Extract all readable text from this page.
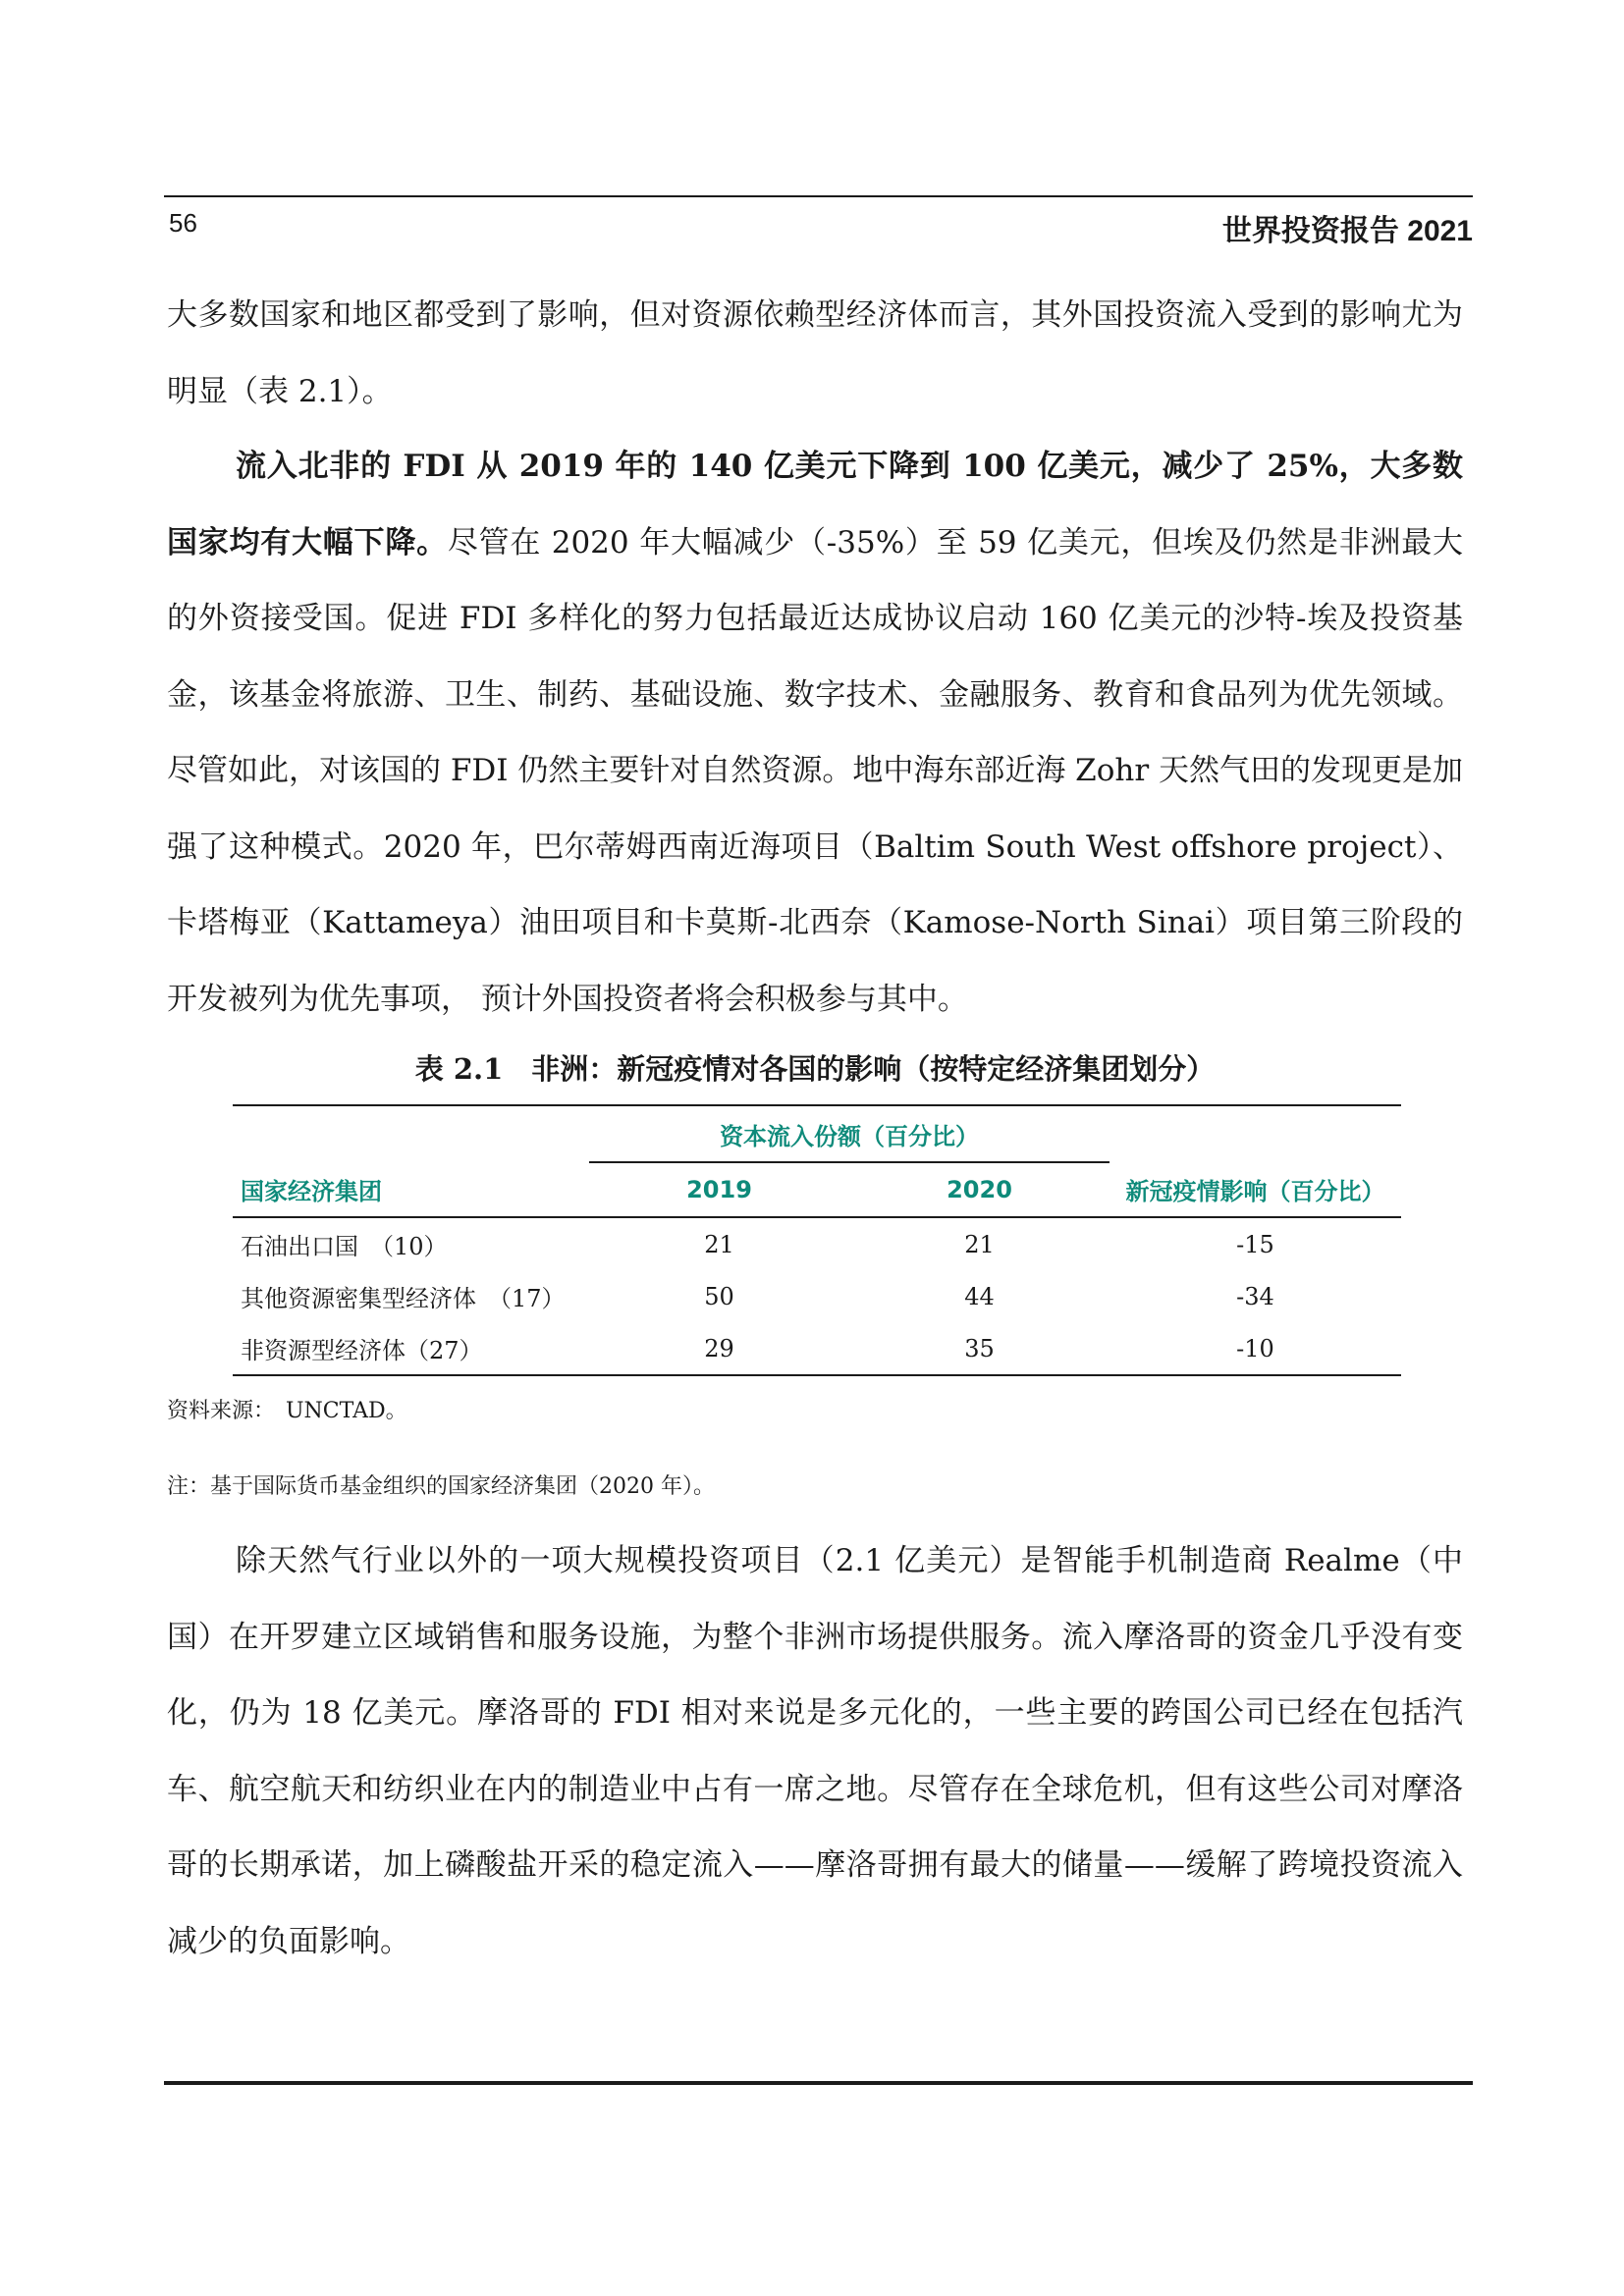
56	世界投资报告 2021
大多数国家和地区都受到了影响，但对资源依赖型经济体而言，其外国投资流入受到的影响尤为明显（表 2.1）。
流入北非的 FDI 从 2019 年的 140 亿美元下降到 100 亿美元，减少了 25%，大多数国家均有大幅下降。尽管在 2020 年大幅减少（-35%）至 59 亿美元，但埃及仍然是非洲最大的外资接受国。促进 FDI 多样化的努力包括最近达成协议启动 160 亿美元的沙特-埃及投资基金，该基金将旅游、卫生、制药、基础设施、数字技术、金融服务、教育和食品列为优先领域。尽管如此，对该国的 FDI 仍然主要针对自然资源。地中海东部近海 Zohr 天然气田的发现更是加强了这种模式。2020 年，巴尔蒂姆西南近海项目（Baltim South West offshore project）、卡塔梅亚（Kattameya）油田项目和卡莫斯-北西奈（Kamose-North Sinai）项目第三阶段的开发被列为优先事项， 预计外国投资者将会积极参与其中。
表 2.1　非洲：新冠疫情对各国的影响（按特定经济集团划分）
	资本流入份额（百分比）		
国家经济集团	2019	2020	新冠疫情影响（百分比）
石油出口国　（10）	21	21	-15
其他资源密集型经济体　（17）	50	44	-34
非资源型经济体（27）	29	35	-10
资料来源：　UNCTAD。
注：基于国际货币基金组织的国家经济集团（2020 年）。
除天然气行业以外的一项大规模投资项目（2.1 亿美元）是智能手机制造商 Realme（中国）在开罗建立区域销售和服务设施，为整个非洲市场提供服务。流入摩洛哥的资金几乎没有变化，仍为 18 亿美元。摩洛哥的 FDI 相对来说是多元化的，一些主要的跨国公司已经在包括汽车、航空航天和纺织业在内的制造业中占有一席之地。尽管存在全球危机，但有这些公司对摩洛哥的长期承诺，加上磷酸盐开采的稳定流入——摩洛哥拥有最大的储量——缓解了跨境投资流入减少的负面影响。
